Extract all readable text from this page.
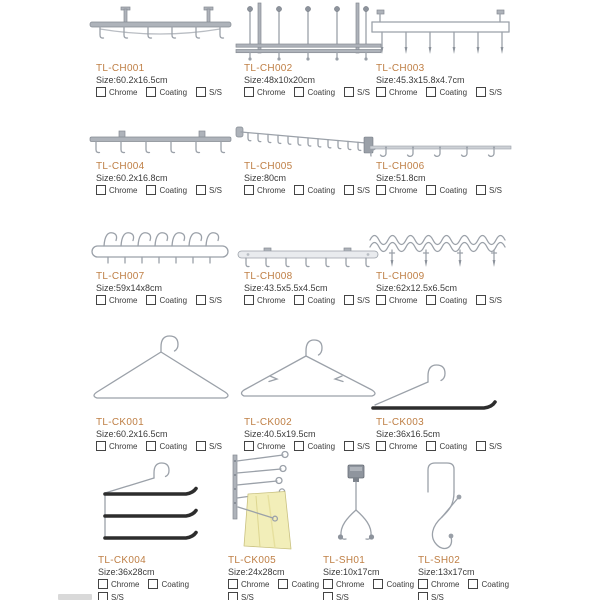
TL-CH001
Size:60.2x16.5cm
Chrome	Coating	S/S
TL-CH002
Size:48x10x20cm
Chrome	Coating	S/S
TL-CH003
Size:45.3x15.8x4.7cm
Chrome	Coating	S/S
TL-CH004
Size:60.2x16.8cm
Chrome	Coating	S/S
TL-CH005
Size:80cm
Chrome	Coating	S/S
TL-CH006
Size:51.8cm
Chrome	Coating	S/S
TL-CH007
Size:59x14x8cm
Chrome	Coating	S/S
TL-CH008
Size:43.5x5.5x4.5cm
Chrome	Coating	S/S
TL-CH009
Size:62x12.5x6.5cm
Chrome	Coating	S/S
TL-CK001
Size:60.2x16.5cm
Chrome	Coating	S/S
TL-CK002
Size:40.5x19.5cm
Chrome	Coating	S/S
TL-CK003
Size:36x16.5cm
Chrome	Coating	S/S
TL-CK004
Size:36x28cm
Chrome	Coating
S/S
TL-CK005
Size:24x28cm
Chrome	Coating
S/S
TL-SH01
Size:10x17cm
Chrome	Coating
S/S
TL-SH02
Size:13x17cm
Chrome	Coating
S/S
